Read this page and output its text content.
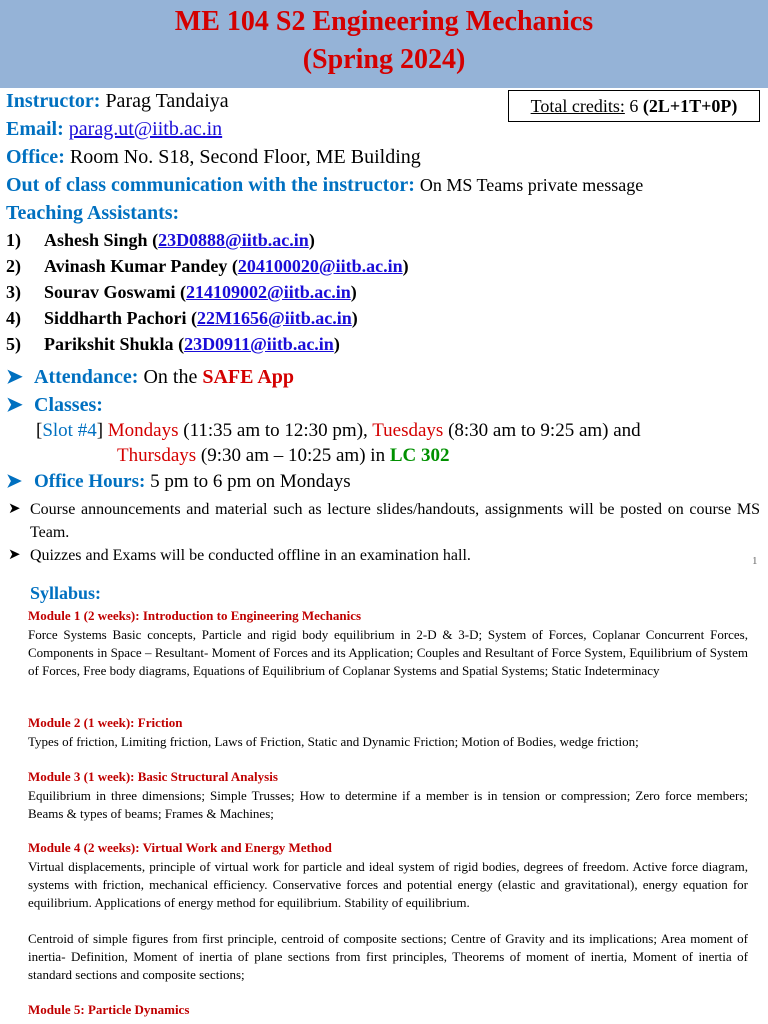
ME 104 S2 Engineering Mechanics
(Spring 2024)
Instructor: Parag Tandaiya	Total credits: 6 (2L+1T+0P)
Email: parag.ut@iitb.ac.in
Office: Room No. S18, Second Floor, ME Building
Out of class communication with the instructor: On MS Teams private message
Teaching Assistants:
1) Ashesh Singh (23D0888@iitb.ac.in)
2) Avinash Kumar Pandey (204100020@iitb.ac.in)
3) Sourav Goswami (214109002@iitb.ac.in)
4) Siddharth Pachori (22M1656@iitb.ac.in)
5) Parikshit Shukla (23D0911@iitb.ac.in)
➤ Attendance: On the SAFE App
➤ Classes:
[Slot #4] Mondays (11:35 am to 12:30 pm), Tuesdays (8:30 am to 9:25 am) and
Thursdays (9:30 am – 10:25 am) in LC 302
➤ Office Hours: 5 pm to 6 pm on Mondays
➤ Course announcements and material such as lecture slides/handouts, assignments will be posted on course MS Team.
➤ Quizzes and Exams will be conducted offline in an examination hall.	1
Syllabus:
Module 1 (2 weeks): Introduction to Engineering Mechanics
Force Systems Basic concepts, Particle and rigid body equilibrium in 2-D & 3-D; System of Forces, Coplanar Concurrent Forces, Components in Space – Resultant- Moment of Forces and its Application; Couples and Resultant of Force System, Equilibrium of System of Forces, Free body diagrams, Equations of Equilibrium of Coplanar Systems and Spatial Systems; Static Indeterminacy
Module 2 (1 week): Friction
Types of friction, Limiting friction, Laws of Friction, Static and Dynamic Friction; Motion of Bodies, wedge friction;
Module 3 (1 week): Basic Structural Analysis
Equilibrium in three dimensions; Simple Trusses; How to determine if a member is in tension or compression; Zero force members; Beams & types of beams; Frames & Machines;
Module 4 (2 weeks): Virtual Work and Energy Method
Virtual displacements, principle of virtual work for particle and ideal system of rigid bodies, degrees of freedom. Active force diagram, systems with friction, mechanical efficiency. Conservative forces and potential energy (elastic and gravitational), energy equation for equilibrium. Applications of energy method for equilibrium. Stability of equilibrium.
Centroid of simple figures from first principle, centroid of composite sections; Centre of Gravity and its implications; Area moment of inertia- Definition, Moment of inertia of plane sections from first principles, Theorems of moment of inertia, Moment of inertia of standard sections and composite sections;
Module 5: Particle Dynamics
